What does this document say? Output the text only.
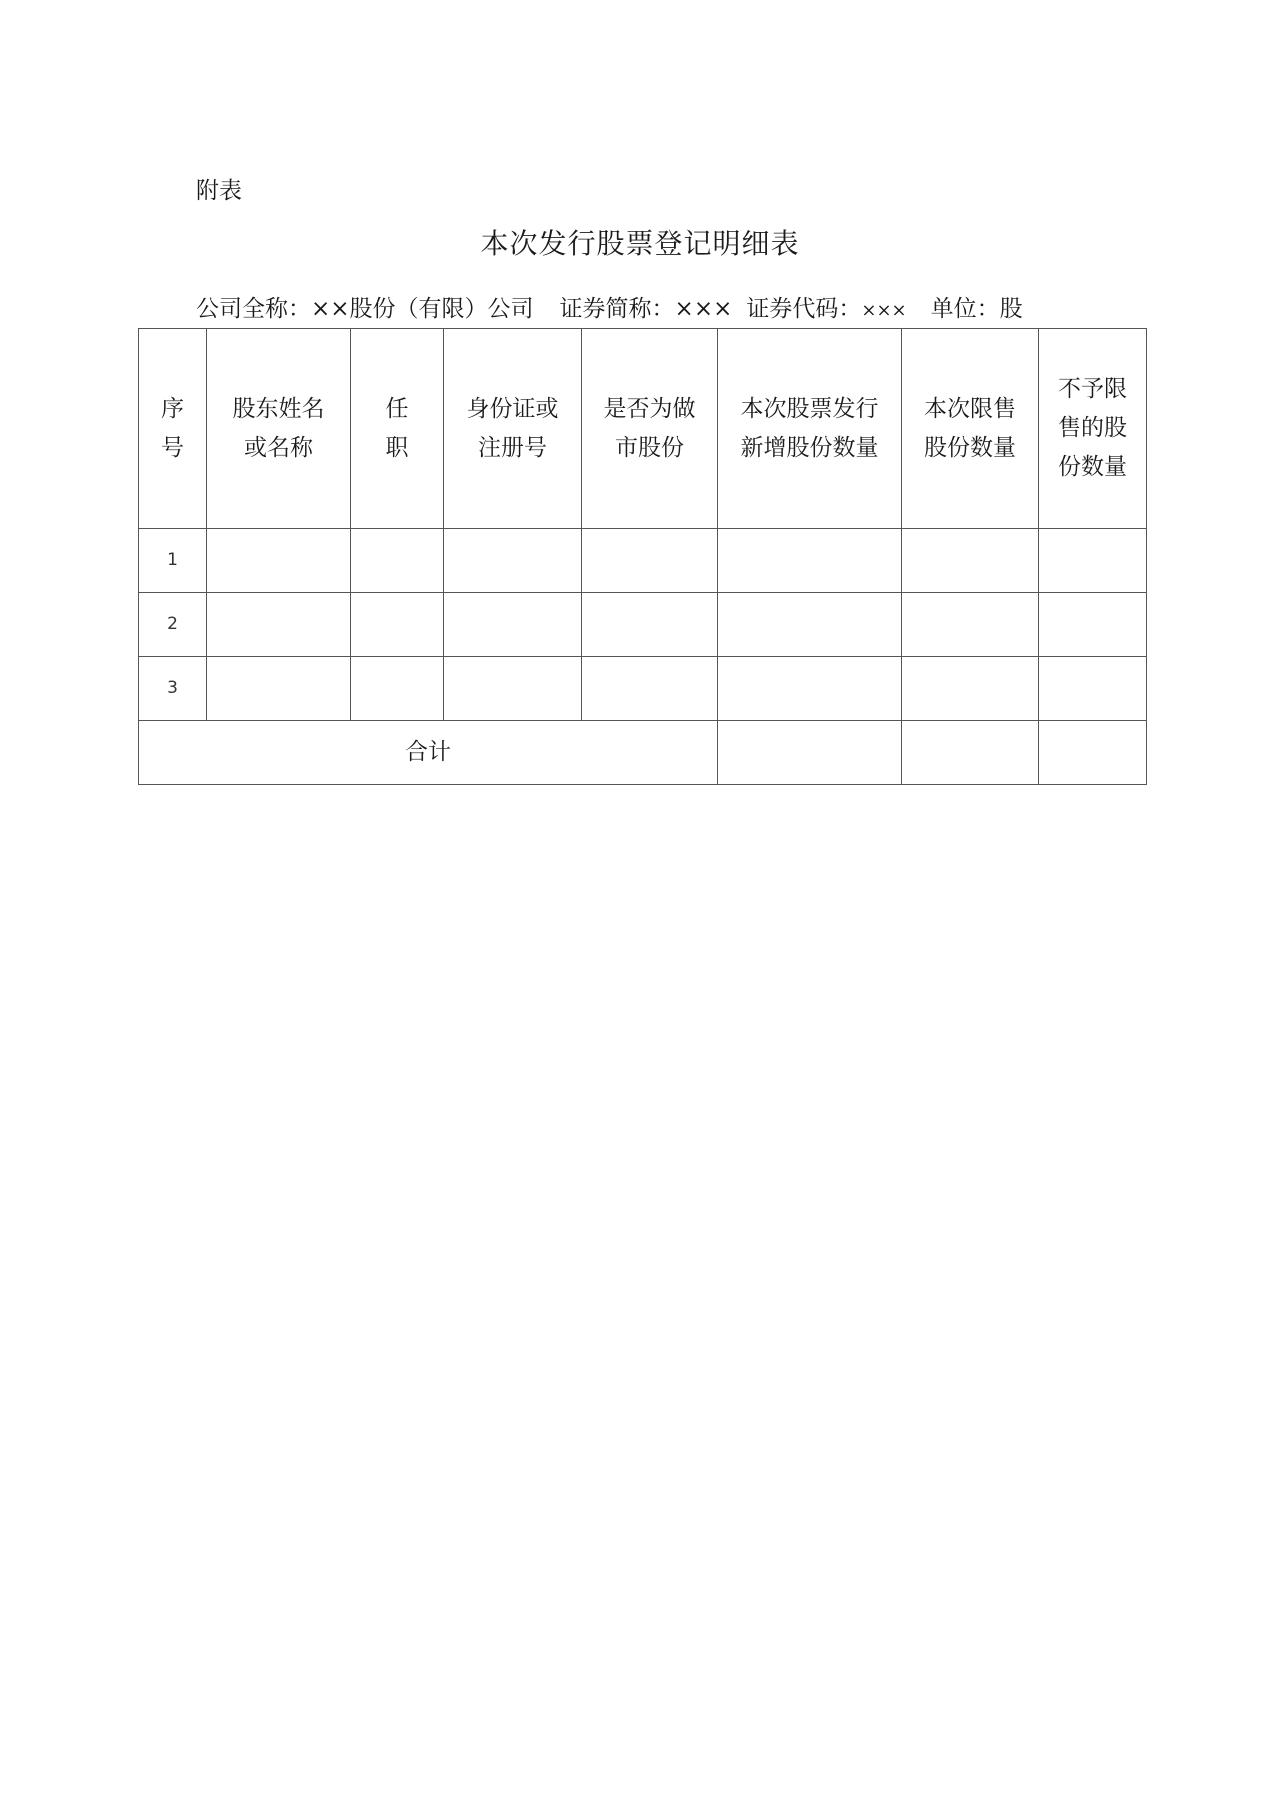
附表
本次发行股票登记明细表
公司全称：××股份（有限）公司 证券简称：××× 证券代码：××× 单位：股
序号	股东姓名或名称	任职	身份证或注册号	是否为做市股份	本次股票发行新增股份数量	本次限售股份数量	不予限售的股份数量
1							
2							
3							
合计							
